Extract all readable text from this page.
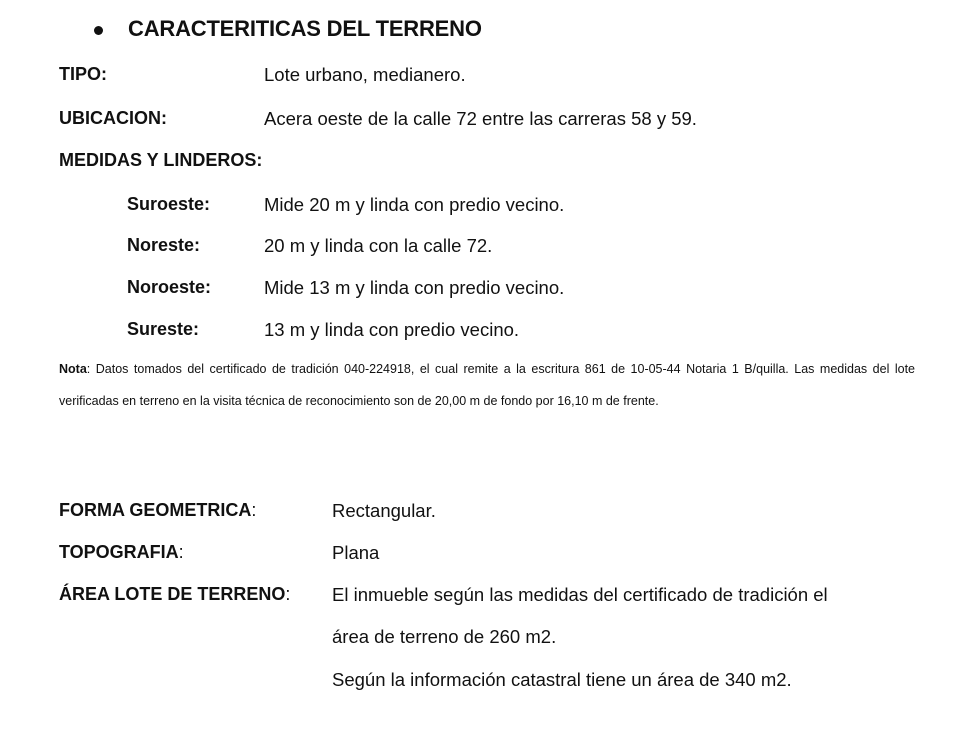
CARACTERITICAS DEL TERRENO
TIPO:	Lote urbano, medianero.
UBICACION:	Acera oeste de la calle 72 entre las carreras 58 y 59.
MEDIDAS Y LINDEROS:
Suroeste:	Mide 20 m y linda con predio vecino.
Noreste:	20 m y linda con la calle 72.
Noroeste:	Mide 13 m y linda con predio vecino.
Sureste:	13 m y linda con predio vecino.
Nota: Datos tomados del certificado de tradición 040-224918, el cual remite a la escritura 861 de 10-05-44 Notaria 1 B/quilla. Las medidas del lote verificadas en terreno en la visita técnica de reconocimiento son de 20,00 m de fondo por 16,10 m de frente.
FORMA GEOMETRICA:	Rectangular.
TOPOGRAFIA:	Plana
ÁREA LOTE DE TERRENO: El inmueble según las medidas del certificado de tradición el
área de terreno de 260 m2.
Según la información catastral tiene un área de 340 m2.
